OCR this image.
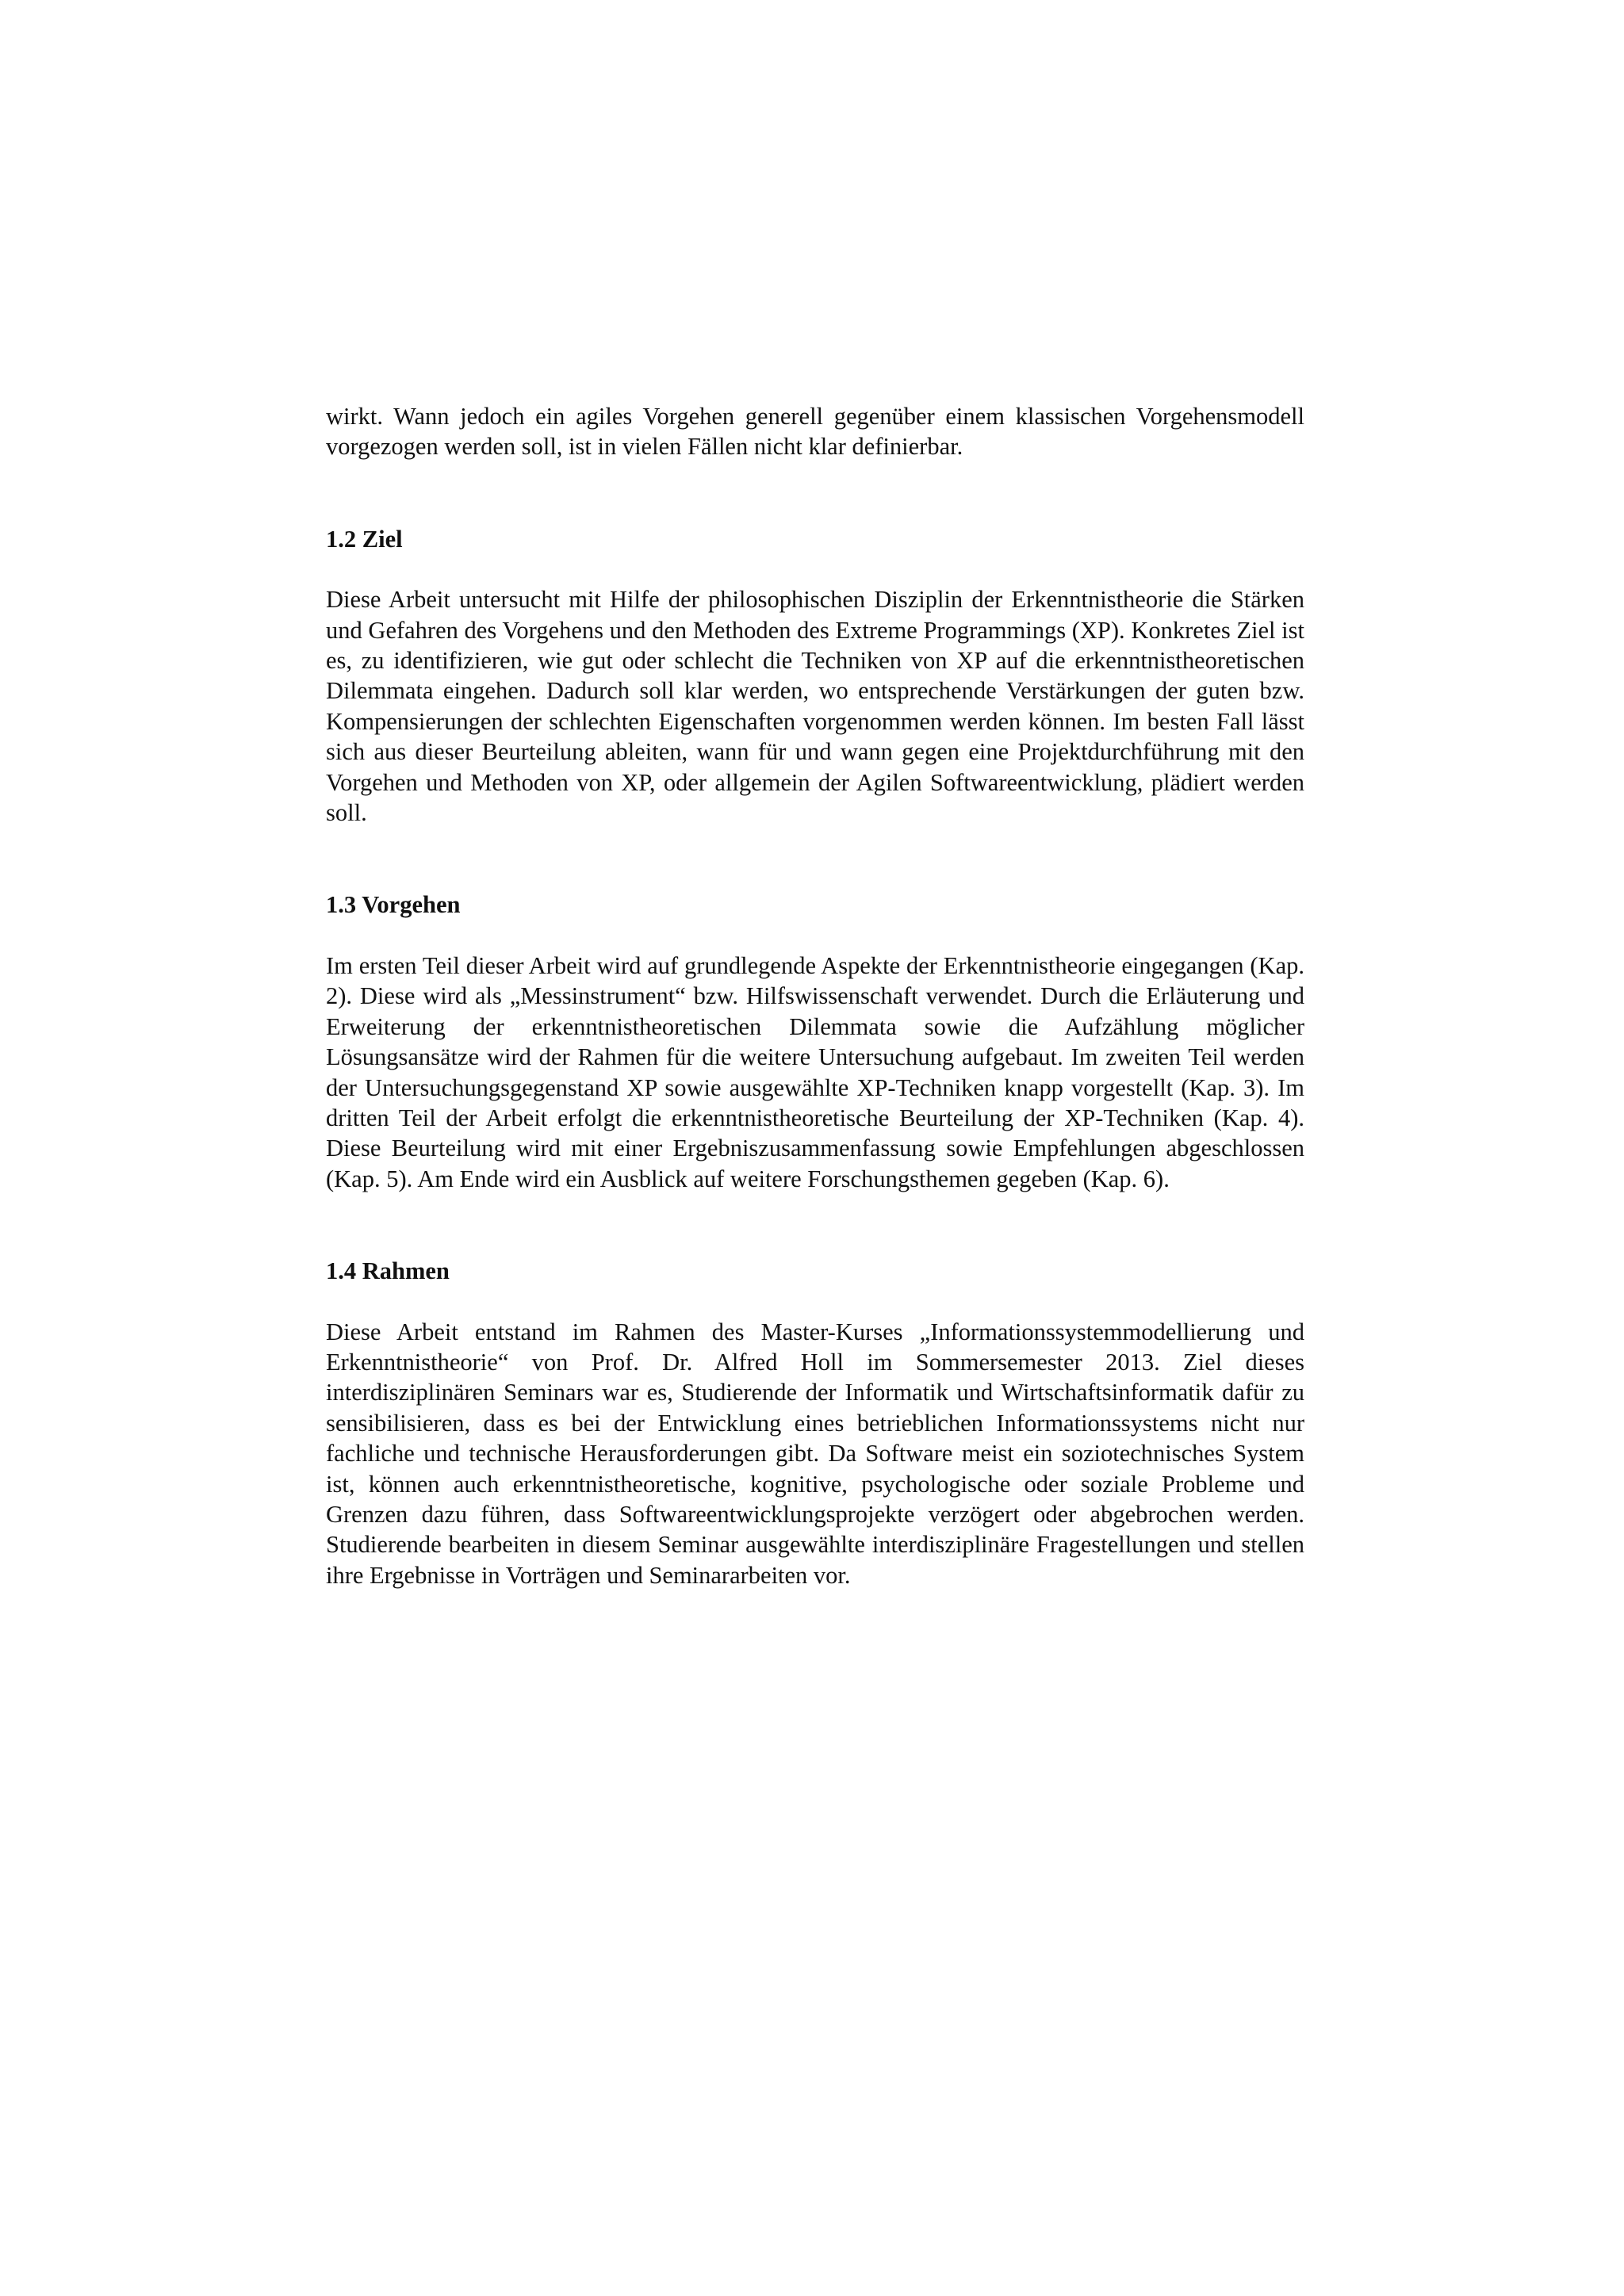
wirkt. Wann jedoch ein agiles Vorgehen generell gegenüber einem klassischen Vorgehensmodell vorgezogen werden soll, ist in vielen Fällen nicht klar definierbar.

1.2 Ziel

Diese Arbeit untersucht mit Hilfe der philosophischen Disziplin der Erkenntnistheorie die Stärken und Gefahren des Vorgehens und den Methoden des Extreme Programmings (XP). Konkretes Ziel ist es, zu identifizieren, wie gut oder schlecht die Techniken von XP auf die erkenntnistheoretischen Dilemmata eingehen. Dadurch soll klar werden, wo entsprechende Verstärkungen der guten bzw. Kompensierungen der schlechten Eigenschaften vorgenommen werden können. Im besten Fall lässt sich aus dieser Beurteilung ableiten, wann für und wann gegen eine Projektdurchführung mit den Vorgehen und Methoden von XP, oder allgemein der Agilen Softwareentwicklung, plädiert werden soll.

1.3 Vorgehen

Im ersten Teil dieser Arbeit wird auf grundlegende Aspekte der Erkenntnistheorie eingegangen (Kap. 2). Diese wird als „Messinstrument“ bzw. Hilfswissenschaft verwendet. Durch die Erläuterung und Erweiterung der erkenntnistheoretischen Dilemmata sowie die Aufzählung möglicher Lösungsansätze wird der Rahmen für die weitere Untersuchung aufgebaut. Im zweiten Teil werden der Untersuchungsgegenstand XP sowie ausgewählte XP-Techniken knapp vorgestellt (Kap. 3). Im dritten Teil der Arbeit erfolgt die erkenntnistheoretische Beurteilung der XP-Techniken (Kap. 4). Diese Beurteilung wird mit einer Ergebniszusammenfassung sowie Empfehlungen abgeschlossen (Kap. 5). Am Ende wird ein Ausblick auf weitere Forschungsthemen gegeben (Kap. 6).

1.4 Rahmen

Diese Arbeit entstand im Rahmen des Master-Kurses „Informationssystemmodellierung und Erkenntnistheorie“ von Prof. Dr. Alfred Holl im Sommersemester 2013. Ziel dieses interdisziplinären Seminars war es, Studierende der Informatik und Wirtschaftsinformatik dafür zu sensibilisieren, dass es bei der Entwicklung eines betrieblichen Informationssystems nicht nur fachliche und technische Herausforderungen gibt. Da Software meist ein soziotechnisches System ist, können auch erkenntnistheoretische, kognitive, psychologische oder soziale Probleme und Grenzen dazu führen, dass Softwareentwicklungsprojekte verzögert oder abgebrochen werden. Studierende bearbeiten in diesem Seminar ausgewählte interdisziplinäre Fragestellungen und stellen ihre Ergebnisse in Vorträgen und Seminararbeiten vor.
